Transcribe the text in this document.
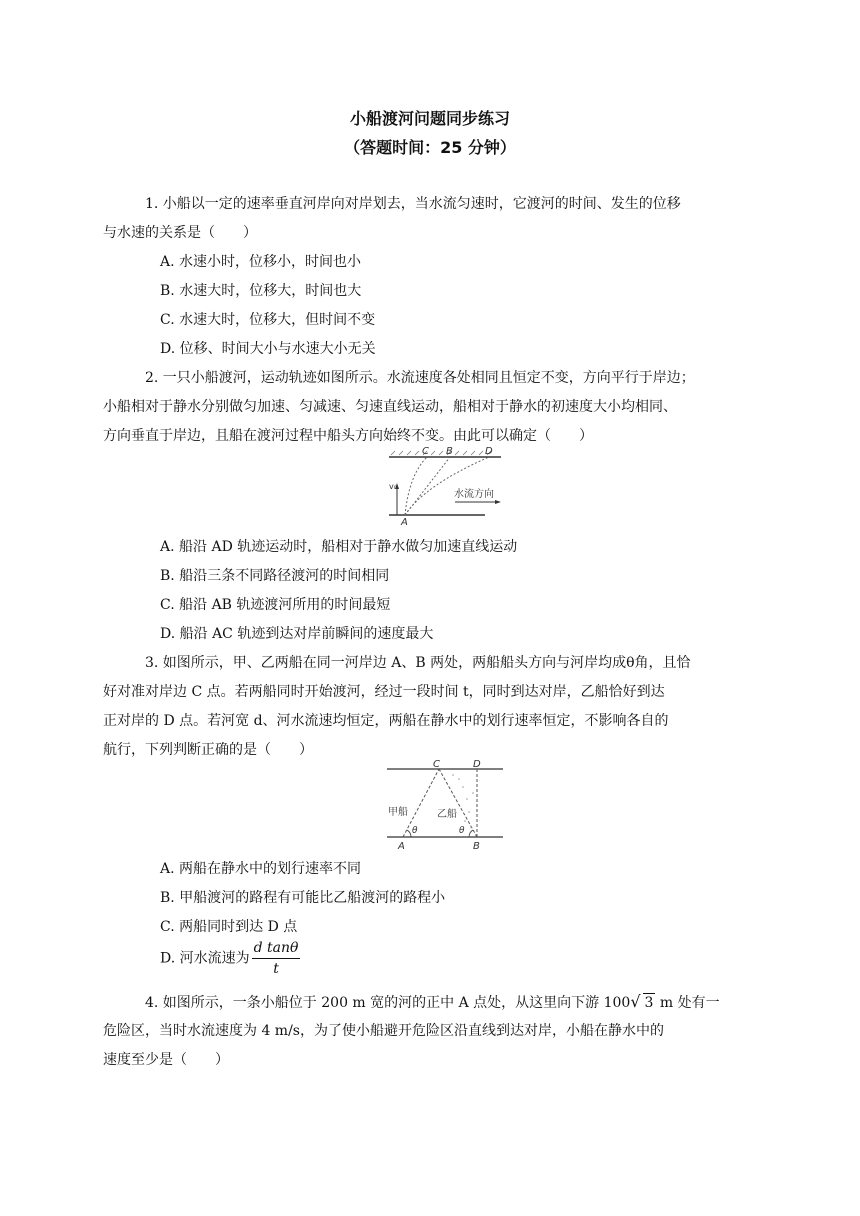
小船渡河问题同步练习
（答题时间：25 分钟）
1. 小船以一定的速率垂直河岸向对岸划去，当水流匀速时，它渡河的时间、发生的位移
与水速的关系是（　　）
A. 水速小时，位移小，时间也小
B. 水速大时，位移大，时间也大
C. 水速大时，位移大，但时间不变
D. 位移、时间大小与水速大小无关
2. 一只小船渡河，运动轨迹如图所示。水流速度各处相同且恒定不变，方向平行于岸边；
小船相对于静水分别做匀加速、匀减速、匀速直线运动，船相对于静水的初速度大小均相同、
方向垂直于岸边，且船在渡河过程中船头方向始终不变。由此可以确定（　　）
v₀
水流方向
C B	D
A
A. 船沿 AD 轨迹运动时，船相对于静水做匀加速直线运动
B. 船沿三条不同路径渡河的时间相同
C. 船沿 AB 轨迹渡河所用的时间最短
D. 船沿 AC 轨迹到达对岸前瞬间的速度最大
3. 如图所示，甲、乙两船在同一河岸边 A、B 两处，两船船头方向与河岸均成θ角，且恰
好对准对岸边 C 点。若两船同时开始渡河，经过一段时间 t，同时到达对岸，乙船恰好到达
正对岸的 D 点。若河宽 d、河水流速均恒定，两船在静水中的划行速率恒定，不影响各自的
航行，下列判断正确的是（　　）
θ	θ
甲船	乙船
C	D
A	B
A. 两船在静水中的划行速率不同
B. 甲船渡河的路程有可能比乙船渡河的路程小
C. 两船同时到达 D 点
D. 河水流速为 $\frac{\text{d tanθ}}{t}$
4. 如图所示，一条小船位于 200 m 宽的河的正中 A 点处，从这里向下游 100√ 3 m 处有一
危险区，当时水流速度为 4 m/s，为了使小船避开危险区沿直线到达对岸，小船在静水中的
速度至少是（　　）
